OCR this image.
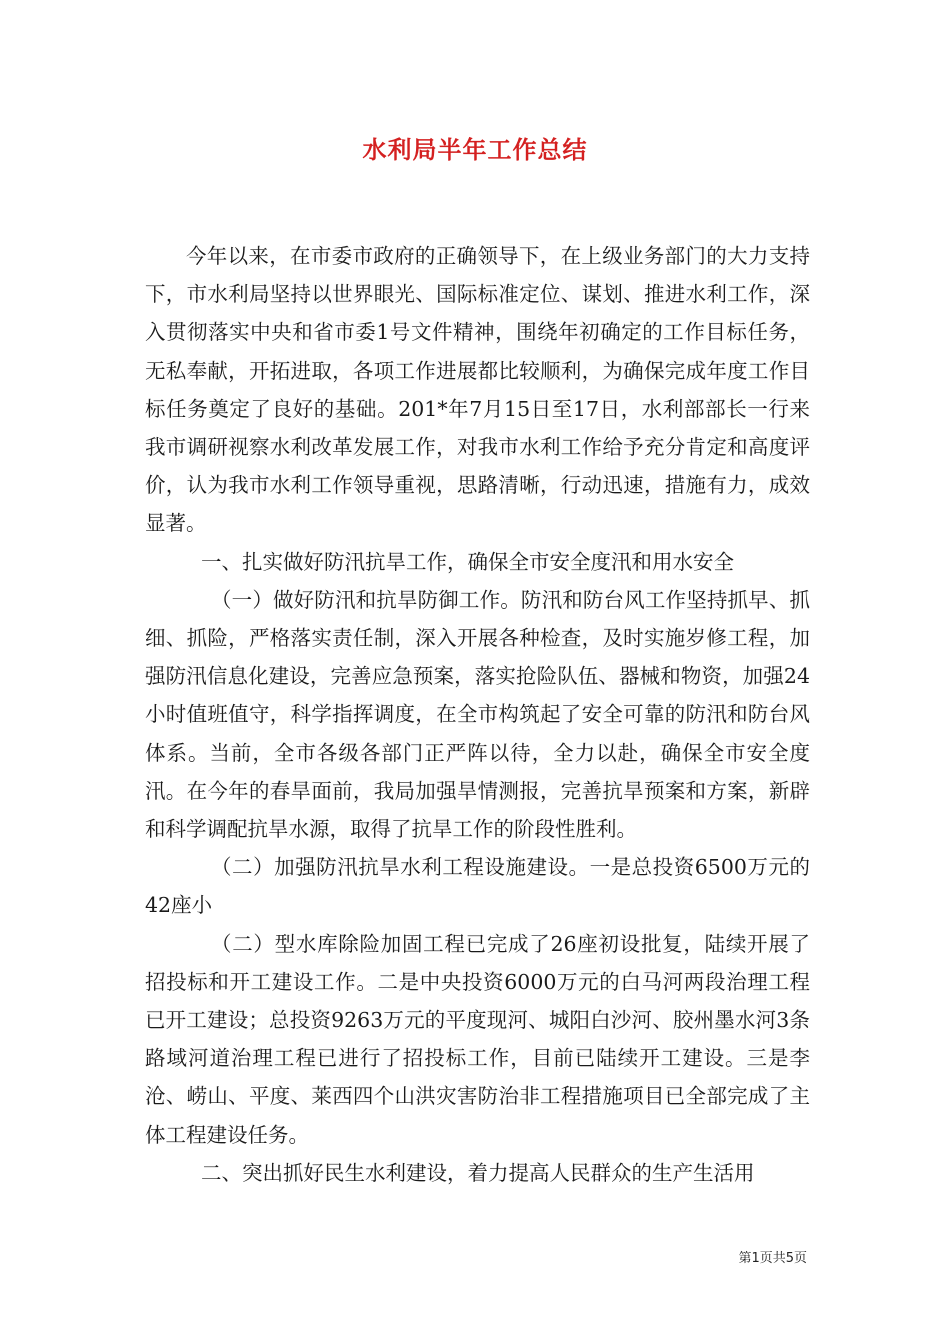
水利局半年工作总结

今年以来，在市委市政府的正确领导下，在上级业务部门的大力支持下，市水利局坚持以世界眼光、国际标准定位、谋划、推进水利工作，深入贯彻落实中央和省市委1号文件精神，围绕年初确定的工作目标任务，无私奉献，开拓进取，各项工作进展都比较顺利，为确保完成年度工作目标任务奠定了良好的基础。201*年7月15日至17日，水利部部长一行来我市调研视察水利改革发展工作，对我市水利工作给予充分肯定和高度评价，认为我市水利工作领导重视，思路清晰，行动迅速，措施有力，成效显著。

一、扎实做好防汛抗旱工作，确保全市安全度汛和用水安全

（一）做好防汛和抗旱防御工作。防汛和防台风工作坚持抓早、抓细、抓险，严格落实责任制，深入开展各种检查，及时实施岁修工程，加强防汛信息化建设，完善应急预案，落实抢险队伍、器械和物资，加强24小时值班值守，科学指挥调度，在全市构筑起了安全可靠的防汛和防台风体系。当前，全市各级各部门正严阵以待，全力以赴，确保全市安全度汛。在今年的春旱面前，我局加强旱情测报，完善抗旱预案和方案，新辟和科学调配抗旱水源，取得了抗旱工作的阶段性胜利。

（二）加强防汛抗旱水利工程设施建设。一是总投资6500万元的42座小

（二）型水库除险加固工程已完成了26座初设批复，陆续开展了招投标和开工建设工作。二是中央投资6000万元的白马河两段治理工程已开工建设；总投资9263万元的平度现河、城阳白沙河、胶州墨水河3条路域河道治理工程已进行了招投标工作，目前已陆续开工建设。三是李沧、崂山、平度、莱西四个山洪灾害防治非工程措施项目已全部完成了主体工程建设任务。

二、突出抓好民生水利建设，着力提高人民群众的生产生活用

第1页共5页
